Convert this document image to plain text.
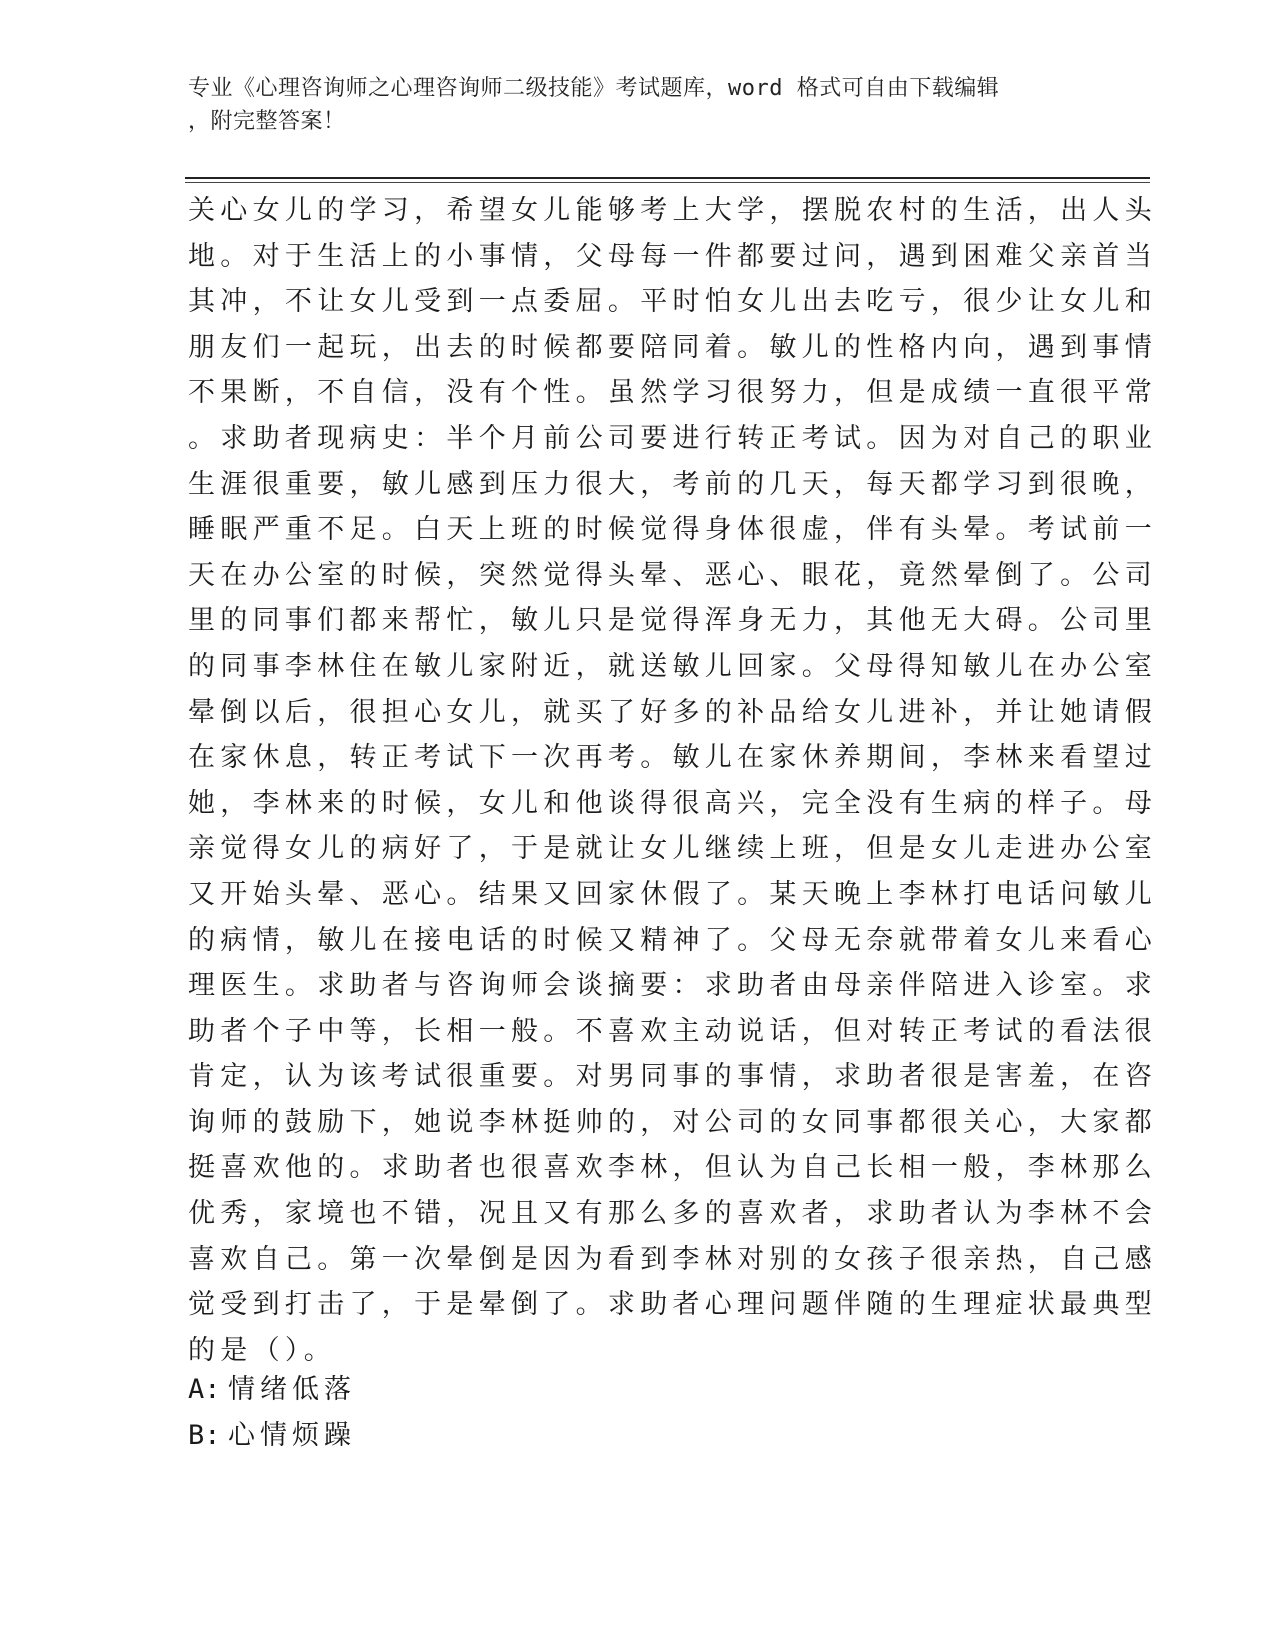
专业《心理咨询师之心理咨询师二级技能》考试题库，word 格式可自由下载编辑
，附完整答案！
关心女儿的学习，希望女儿能够考上大学，摆脱农村的生活，出人头
地。对于生活上的小事情，父母每一件都要过问，遇到困难父亲首当
其冲，不让女儿受到一点委屈。平时怕女儿出去吃亏，很少让女儿和
朋友们一起玩，出去的时候都要陪同着。敏儿的性格内向，遇到事情
不果断，不自信，没有个性。虽然学习很努力，但是成绩一直很平常
。求助者现病史：半个月前公司要进行转正考试。因为对自己的职业
生涯很重要，敏儿感到压力很大，考前的几天，每天都学习到很晚，
睡眠严重不足。白天上班的时候觉得身体很虚，伴有头晕。考试前一
天在办公室的时候，突然觉得头晕、恶心、眼花，竟然晕倒了。公司
里的同事们都来帮忙，敏儿只是觉得浑身无力，其他无大碍。公司里
的同事李林住在敏儿家附近，就送敏儿回家。父母得知敏儿在办公室
晕倒以后，很担心女儿，就买了好多的补品给女儿进补，并让她请假
在家休息，转正考试下一次再考。敏儿在家休养期间，李林来看望过
她，李林来的时候，女儿和他谈得很高兴，完全没有生病的样子。母
亲觉得女儿的病好了，于是就让女儿继续上班，但是女儿走进办公室
又开始头晕、恶心。结果又回家休假了。某天晚上李林打电话问敏儿
的病情，敏儿在接电话的时候又精神了。父母无奈就带着女儿来看心
理医生。求助者与咨询师会谈摘要：求助者由母亲伴陪进入诊室。求
助者个子中等，长相一般。不喜欢主动说话，但对转正考试的看法很
肯定，认为该考试很重要。对男同事的事情，求助者很是害羞，在咨
询师的鼓励下，她说李林挺帅的，对公司的女同事都很关心，大家都
挺喜欢他的。求助者也很喜欢李林，但认为自己长相一般，李林那么
优秀，家境也不错，况且又有那么多的喜欢者，求助者认为李林不会
喜欢自己。第一次晕倒是因为看到李林对别的女孩子很亲热，自己感
觉受到打击了，于是晕倒了。求助者心理问题伴随的生理症状最典型
的是（）。
A: 情绪低落
B: 心情烦躁
